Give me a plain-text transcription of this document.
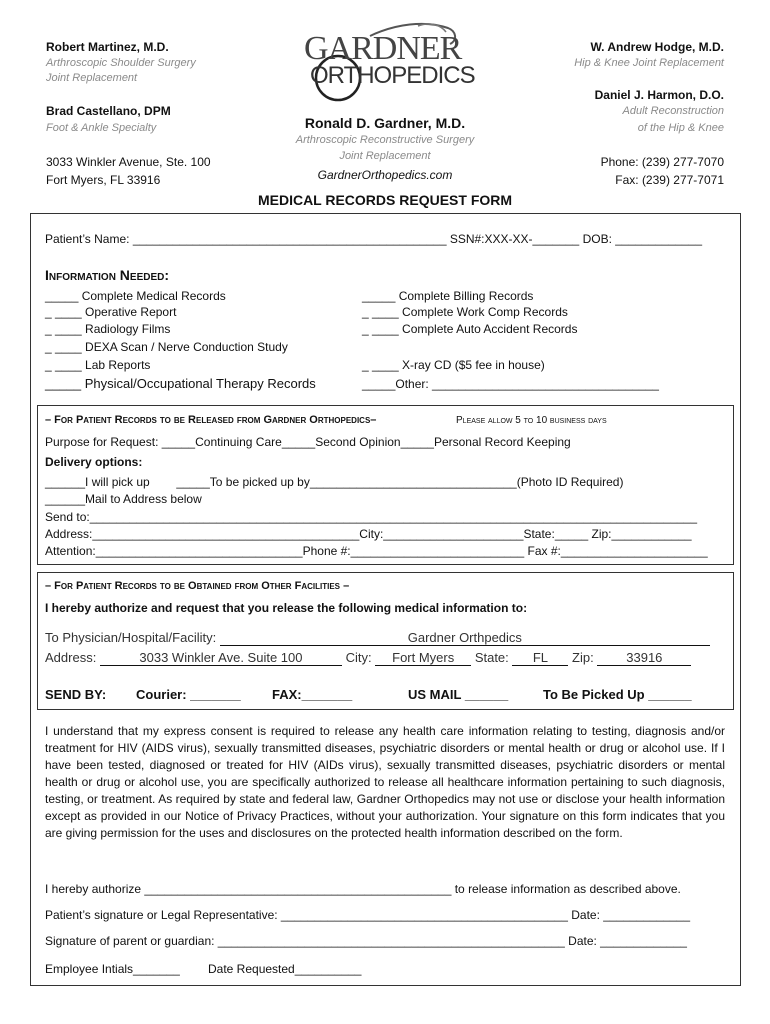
Robert Martinez, M.D.
Arthroscopic Shoulder Surgery
Joint Replacement
Brad Castellano, DPM
Foot & Ankle Specialty
3033 Winkler Avenue, Ste. 100
Fort Myers, FL 33916
GARDNER
ORTHOPEDICS
Ronald D. Gardner, M.D.
Arthroscopic Reconstructive Surgery
Joint Replacement
GardnerOrthopedics.com
W. Andrew Hodge, M.D.
Hip & Knee Joint Replacement
Daniel J. Harmon, D.O.
Adult Reconstruction
of the Hip & Knee
Phone: (239) 277-7070
Fax: (239) 277-7071
MEDICAL RECORDS REQUEST FORM
Patient’s Name: _______________________________________________ SSN#:XXX-XX-_______ DOB: _____________
Information Needed:
_____ Complete Medical Records
_ ____ Operative Report
_ ____ Radiology Films
_ ____ DEXA Scan / Nerve Conduction Study
_ ____ Lab Reports
_____ Physical/Occupational Therapy Records
_____ Complete Billing Records
_ ____ Complete Work Comp Records
_ ____ Complete Auto Accident Records
_ ____ X-ray CD ($5 fee in house)
_____Other: __________________________________
– For Patient Records to be Released from Gardner Orthopedics–	Please allow 5 to 10 business days
Purpose for Request: _____Continuing Care_____Second Opinion_____Personal Record Keeping
Delivery options:
______I will pick up        _____To be picked up by_______________________________(Photo ID Required)
______Mail to Address below
Send to:___________________________________________________________________________________________
Address:________________________________________City:_____________________State:_____ Zip:____________
Attention:_______________________________Phone #:__________________________ Fax #:______________________
– For Patient Records to be Obtained from Other Facilities –
I hereby authorize and request that you release the following medical information to:
To Physician/Hospital/Facility:	Gardner Orthpedics
Address:	3033 Winkler Ave. Suite 100	City: Fort Myers State: FL Zip:	33916
SEND BY: Courier: _______ FAX:_______	US MAIL ______	To Be Picked Up ______
I understand that my express consent is required to release any health care information relating to testing, diagnosis and/or treatment for HIV (AIDS virus), sexually transmitted diseases, psychiatric disorders or mental health or drug or alcohol use. If I have been tested, diagnosed or treated for HIV (AIDs virus), sexually transmitted diseases, psychiatric disorders or mental health or drug or alcohol use, you are specifically authorized to release all healthcare information pertaining to such diagnosis, testing, or treatment. As required by state and federal law, Gardner Orthopedics may not use or disclose your health information except as provided in our Notice of Privacy Practices, without your authorization. Your signature on this form indicates that you are giving permission for the uses and disclosures on the protected health information described on the form.
I hereby authorize ______________________________________________ to release information as described above.
Patient’s signature or Legal Representative: ___________________________________________ Date: _____________
Signature of parent or guardian: ____________________________________________________ Date: _____________
Employee Intials_______ Date Requested__________
